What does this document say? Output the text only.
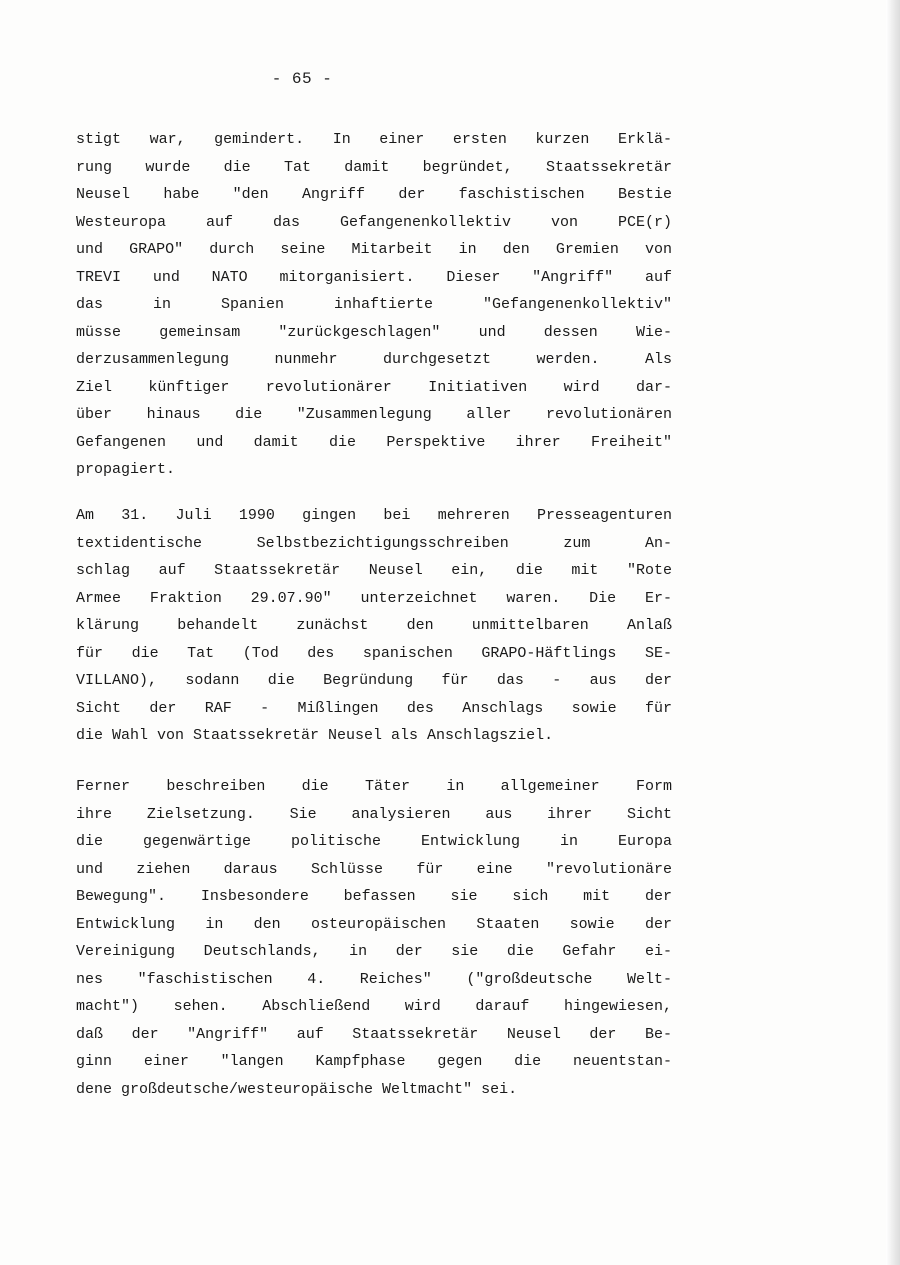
- 65 -
stigt war, gemindert. In einer ersten kurzen Erklä-
rung wurde die Tat damit begründet, Staatssekretär
Neusel habe "den Angriff der faschistischen Bestie
Westeuropa auf das Gefangenenkollektiv von PCE(r)
und GRAPO" durch seine Mitarbeit in den Gremien von
TREVI und NATO mitorganisiert. Dieser "Angriff" auf
das in Spanien inhaftierte "Gefangenenkollektiv"
müsse gemeinsam "zurückgeschlagen" und dessen Wie-
derzusammenlegung nunmehr durchgesetzt werden. Als
Ziel künftiger revolutionärer Initiativen wird dar-
über hinaus die "Zusammenlegung aller revolutionären
Gefangenen und damit die Perspektive ihrer Freiheit"
propagiert.
Am 31. Juli 1990 gingen bei mehreren Presseagenturen
textidentische Selbstbezichtigungsschreiben zum An-
schlag auf Staatssekretär Neusel ein, die mit "Rote
Armee Fraktion 29.07.90" unterzeichnet waren. Die Er-
klärung behandelt zunächst den unmittelbaren Anlaß
für die Tat (Tod des spanischen GRAPO-Häftlings SE-
VILLANO), sodann die Begründung für das - aus der
Sicht der RAF - Mißlingen des Anschlags sowie für
die Wahl von Staatssekretär Neusel als Anschlagsziel.
Ferner beschreiben die Täter in allgemeiner Form
ihre Zielsetzung. Sie analysieren aus ihrer Sicht
die gegenwärtige politische Entwicklung in Europa
und ziehen daraus Schlüsse für eine "revolutionäre
Bewegung". Insbesondere befassen sie sich mit der
Entwicklung in den osteuropäischen Staaten sowie der
Vereinigung Deutschlands, in der sie die Gefahr ei-
nes "faschistischen 4. Reiches" ("großdeutsche Welt-
macht") sehen. Abschließend wird darauf hingewiesen,
daß der "Angriff" auf Staatssekretär Neusel der Be-
ginn einer "langen Kampfphase gegen die neuentstan-
dene großdeutsche/westeuropäische Weltmacht" sei.
